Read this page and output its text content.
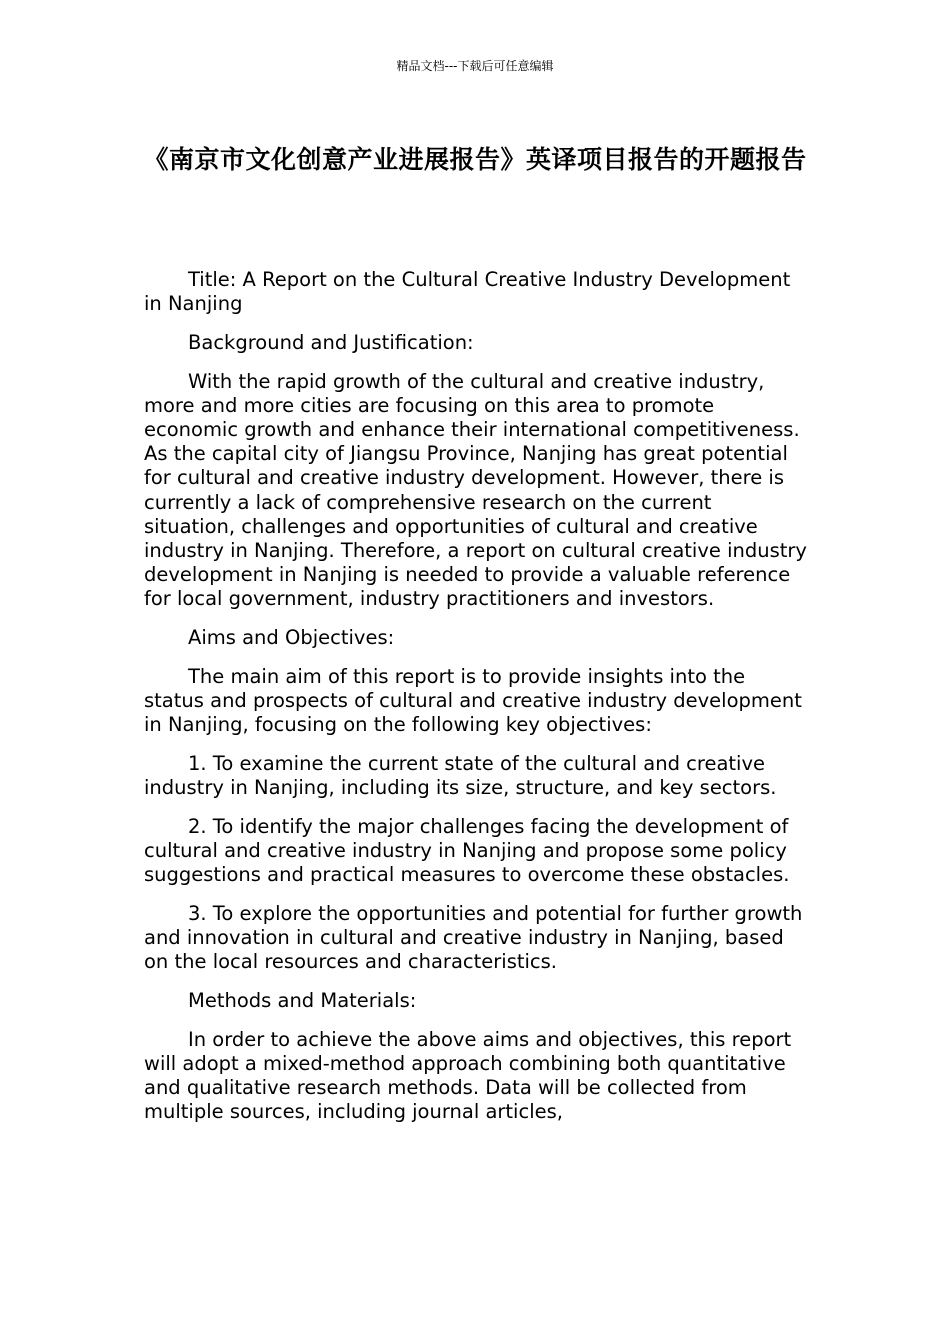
精品文档---下载后可任意编辑
《南京市文化创意产业进展报告》英译项目报告的开题报告

Title: A Report on the Cultural Creative Industry Development in Nanjing

Background and Justification:

With the rapid growth of the cultural and creative industry, more and more cities are focusing on this area to promote economic growth and enhance their international competitiveness. As the capital city of Jiangsu Province, Nanjing has great potential for cultural and creative industry development. However, there is currently a lack of comprehensive research on the current situation, challenges and opportunities of cultural and creative industry in Nanjing. Therefore, a report on cultural creative industry development in Nanjing is needed to provide a valuable reference for local government, industry practitioners and investors.

Aims and Objectives:

The main aim of this report is to provide insights into the status and prospects of cultural and creative industry development in Nanjing, focusing on the following key objectives:

1. To examine the current state of the cultural and creative industry in Nanjing, including its size, structure, and key sectors.

2. To identify the major challenges facing the development of cultural and creative industry in Nanjing and propose some policy suggestions and practical measures to overcome these obstacles.

3. To explore the opportunities and potential for further growth and innovation in cultural and creative industry in Nanjing, based on the local resources and characteristics.

Methods and Materials:

In order to achieve the above aims and objectives, this report will adopt a mixed-method approach combining both quantitative and qualitative research methods. Data will be collected from multiple sources, including journal articles,
